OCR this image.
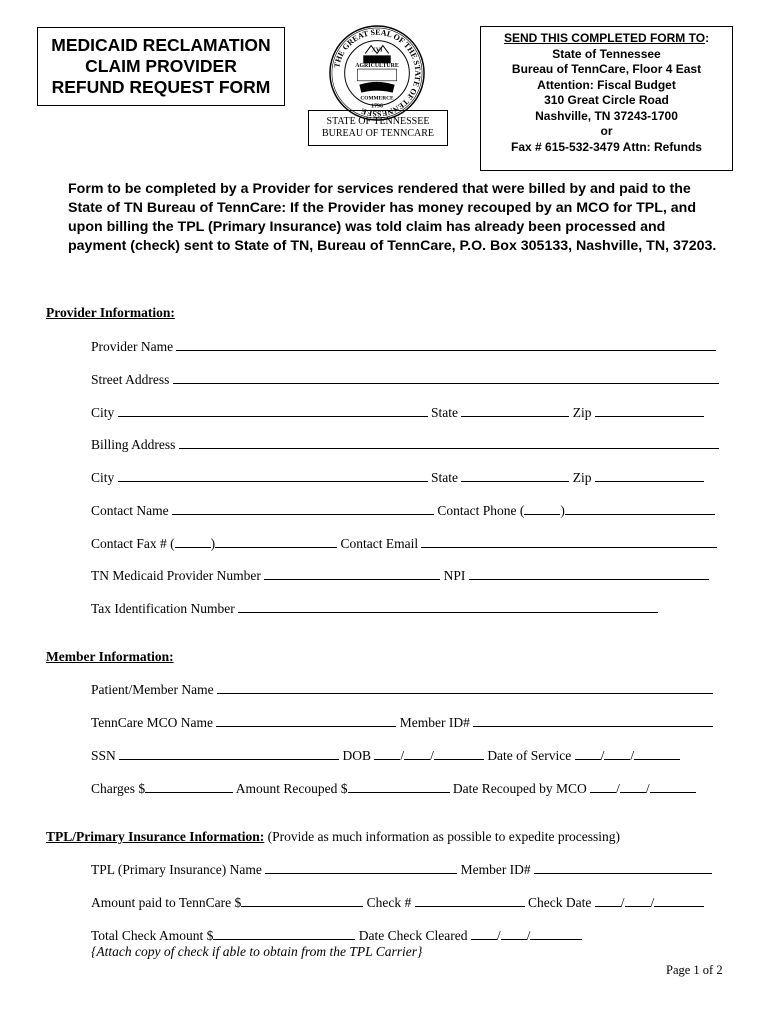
MEDICAID RECLAMATION
CLAIM PROVIDER
REFUND REQUEST FORM
THE GREAT SEAL OF THE STATE OF TENNESSEE
AGRICULTURE
XVI
COMMERCE
1796
STATE OF TENNESSEE
BUREAU OF TENNCARE
SEND THIS COMPLETED FORM TO:
State of Tennessee
Bureau of TennCare, Floor 4 East
Attention: Fiscal Budget
310 Great Circle Road
Nashville, TN 37243-1700
or
Fax # 615-532-3479 Attn: Refunds
Form to be completed by a Provider for services rendered that were billed by and paid to the State of TN Bureau of TennCare: If the Provider has money recouped by an MCO for TPL, and upon billing the TPL (Primary Insurance) was told claim has already been processed and payment (check) sent to State of TN, Bureau of TennCare, P.O. Box 305133, Nashville, TN, 37203.
Provider Information:
Provider Name
Street Address
City	State	Zip
Billing Address
City	State	Zip
Contact Name	Contact Phone (	)
Contact Fax # (	)	Contact Email
TN Medicaid Provider Number	NPI
Tax Identification Number
Member Information:
Patient/Member Name
TennCare MCO Name	Member ID#
SSN	DOB / /	Date of Service / /
Charges $	Amount Recouped $	Date Recouped by MCO / /
TPL/Primary Insurance Information: (Provide as much information as possible to expedite processing)
TPL (Primary Insurance) Name	Member ID#
Amount paid to TennCare $	Check #	Check Date / /
Total Check Amount $	Date Check Cleared / /
{Attach copy of check if able to obtain from the TPL Carrier}
Page 1 of 2
